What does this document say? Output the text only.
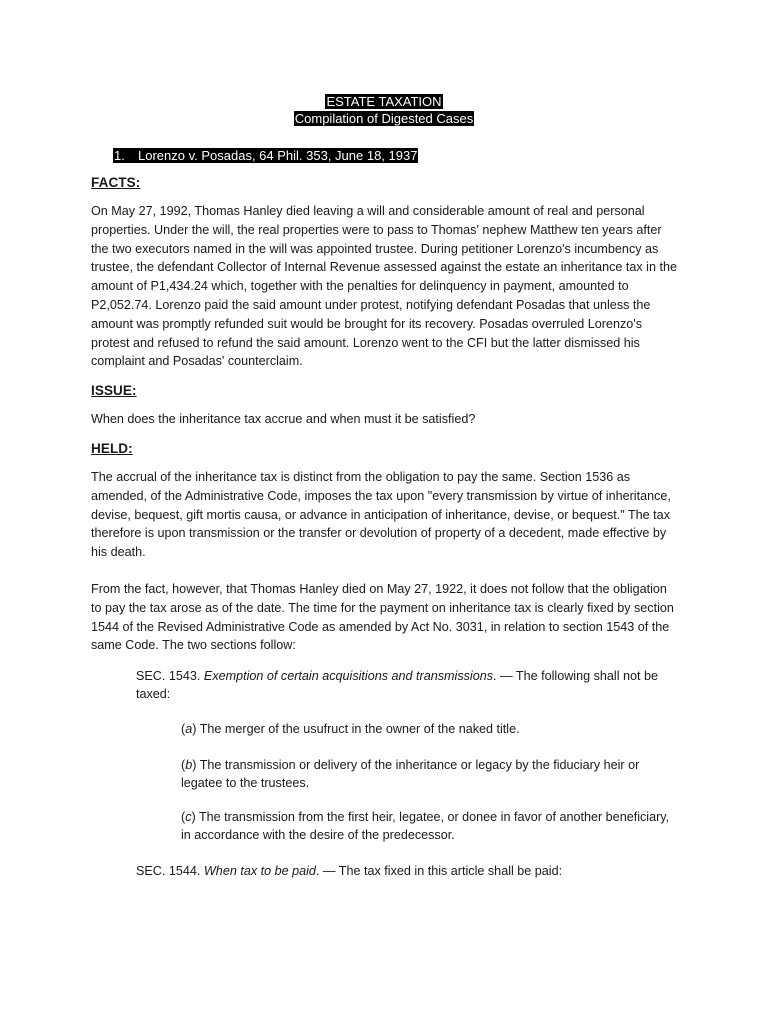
ESTATE TAXATION
Compilation of Digested Cases
1. Lorenzo v. Posadas, 64 Phil. 353, June 18, 1937
FACTS:

On May 27, 1992, Thomas Hanley died leaving a will and considerable amount of real and personal properties. Under the will, the real properties were to pass to Thomas' nephew Matthew ten years after the two executors named in the will was appointed trustee. During petitioner Lorenzo's incumbency as trustee, the defendant Collector of Internal Revenue assessed against the estate an inheritance tax in the amount of P1,434.24 which, together with the penalties for delinquency in payment, amounted to P2,052.74. Lorenzo paid the said amount under protest, notifying defendant Posadas that unless the amount was promptly refunded suit would be brought for its recovery. Posadas overruled Lorenzo's protest and refused to refund the said amount. Lorenzo went to the CFI but the latter dismissed his complaint and Posadas' counterclaim.

ISSUE:

When does the inheritance tax accrue and when must it be satisfied?

HELD:

The accrual of the inheritance tax is distinct from the obligation to pay the same. Section 1536 as amended, of the Administrative Code, imposes the tax upon "every transmission by virtue of inheritance, devise, bequest, gift mortis causa, or advance in anticipation of inheritance, devise, or bequest." The tax therefore is upon transmission or the transfer or devolution of property of a decedent, made effective by his death.

From the fact, however, that Thomas Hanley died on May 27, 1922, it does not follow that the obligation to pay the tax arose as of the date. The time for the payment on inheritance tax is clearly fixed by section 1544 of the Revised Administrative Code as amended by Act No. 3031, in relation to section 1543 of the same Code. The two sections follow:

SEC. 1543. Exemption of certain acquisitions and transmissions. — The following shall not be taxed:

(a) The merger of the usufruct in the owner of the naked title.

(b) The transmission or delivery of the inheritance or legacy by the fiduciary heir or legatee to the trustees.

(c) The transmission from the first heir, legatee, or donee in favor of another beneficiary, in accordance with the desire of the predecessor.

SEC. 1544. When tax to be paid. — The tax fixed in this article shall be paid:
